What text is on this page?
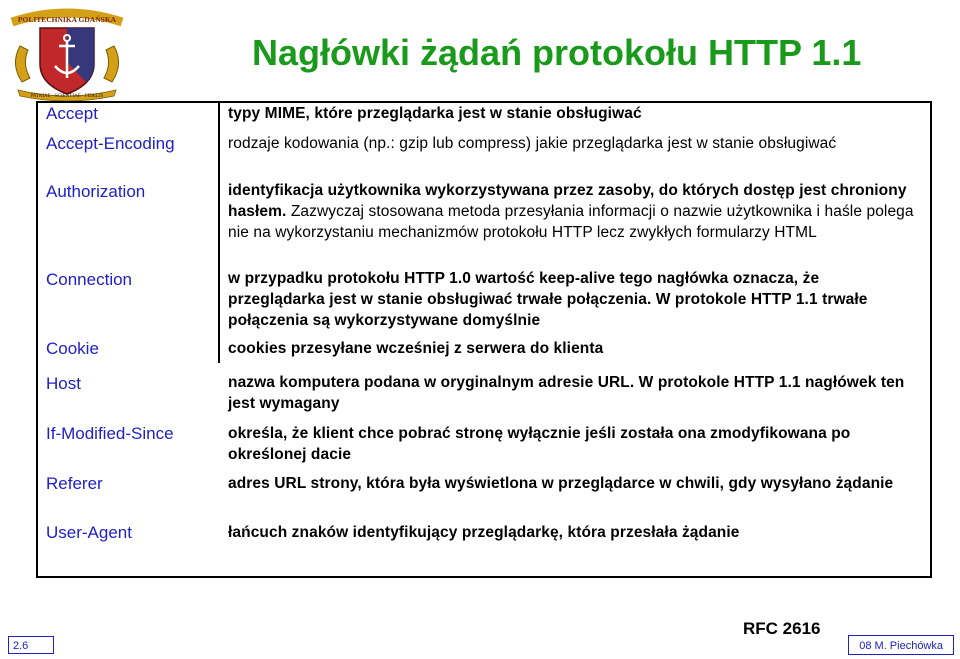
POLITECHNIKA GDAŃSKA
PATRIAE · SCIENTIAE · FIDELIS
Nagłówki żądań protokołu HTTP 1.1
Accept	typy MIME, które przeglądarka jest w stanie obsługiwać
Accept-Encoding	rodzaje kodowania (np.: gzip lub compress) jakie przeglądarka jest w stanie obsługiwać
Authorization	identyfikacja użytkownika wykorzystywana przez zasoby, do których dostęp jest chroniony hasłem. Zazwyczaj stosowana metoda przesyłania informacji o nazwie użytkownika i haśle polega nie na wykorzystaniu mechanizmów protokołu HTTP lecz zwykłych formularzy HTML
Connection	w przypadku protokołu HTTP 1.0 wartość keep-alive tego nagłówka oznacza, że przeglądarka jest w stanie obsługiwać trwałe połączenia. W protokole HTTP 1.1 trwałe połączenia są wykorzystywane domyślnie
Cookie	cookies przesyłane wcześniej z serwera do klienta
Host	nazwa komputera podana w oryginalnym adresie URL. W protokole HTTP 1.1 nagłówek ten jest wymagany
If-Modified-Since	określa, że klient chce pobrać stronę wyłącznie jeśli została ona zmodyfikowana po określonej dacie
Referer	adres URL strony, która była wyświetlona w przeglądarce w chwili, gdy wysyłano żądanie
User-Agent	łańcuch znaków identyfikujący przeglądarkę, która przesłała żądanie
RFC 2616
2.6	08 M. Piechówka
